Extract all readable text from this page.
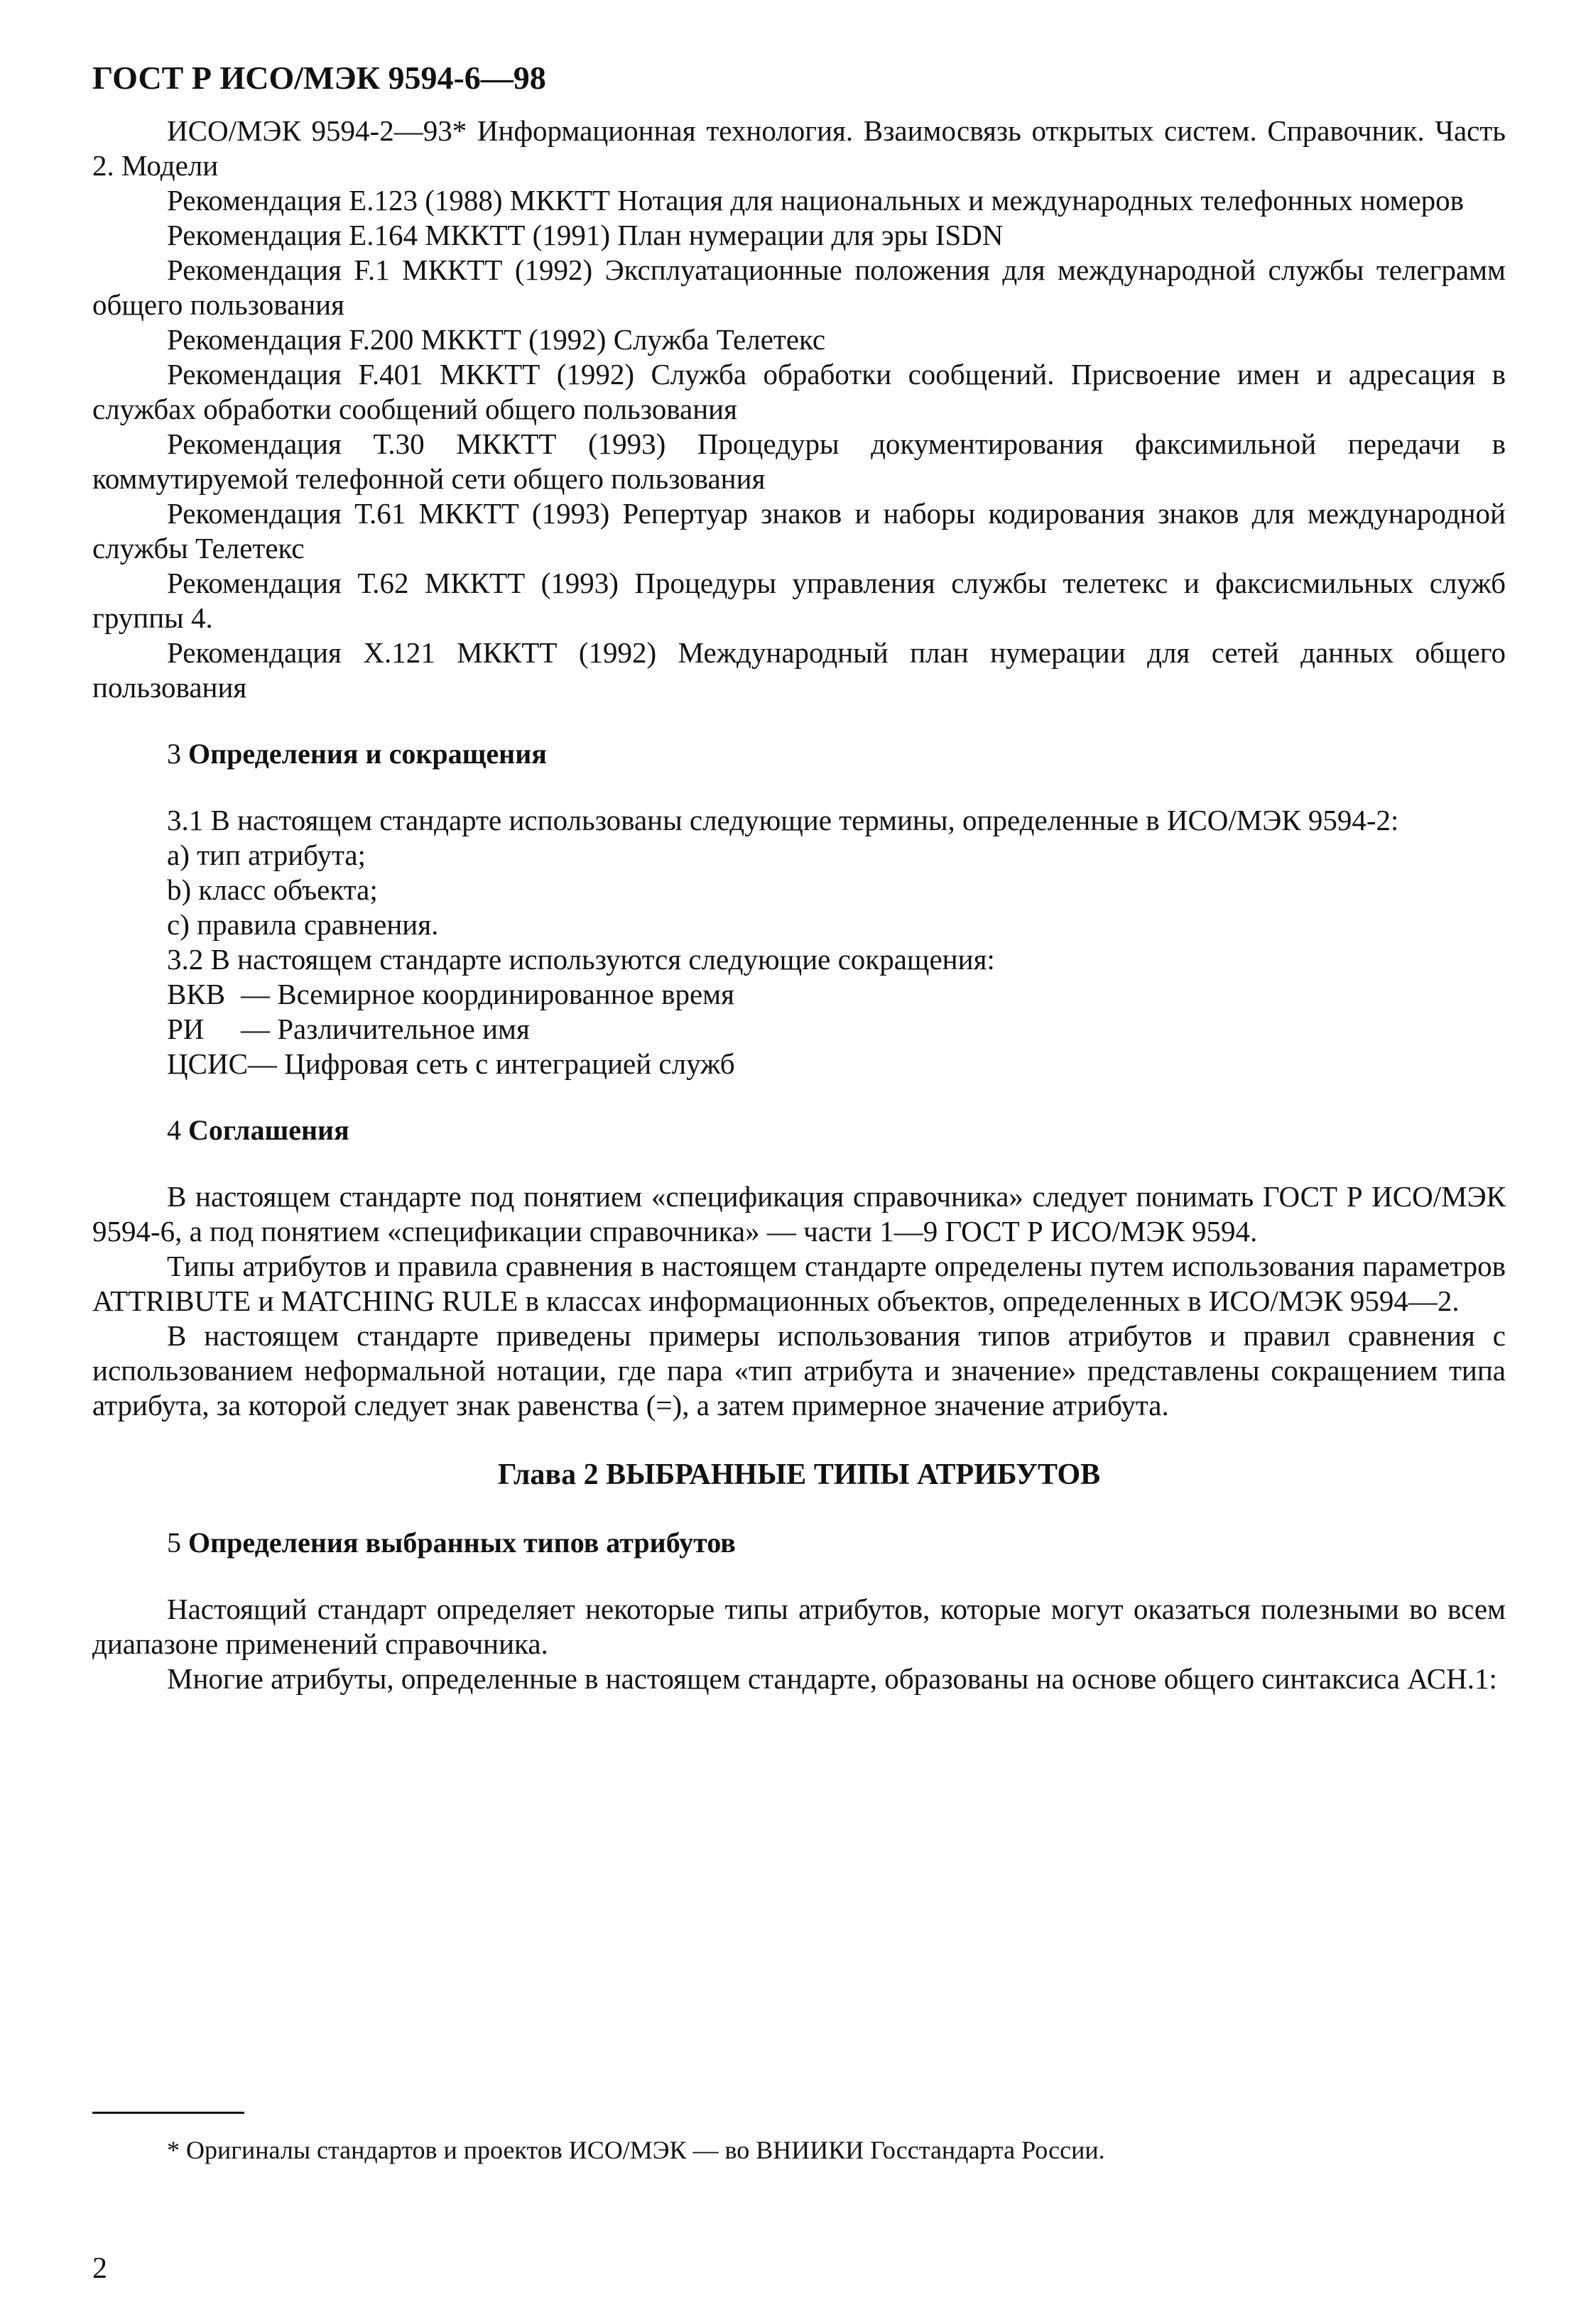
ГОСТ Р ИСО/МЭК 9594-6—98

ИСО/МЭК 9594-2—93* Информационная технология. Взаимосвязь открытых систем. Справочник. Часть 2. Модели

Рекомендация Е.123 (1988) МККТТ Нотация для национальных и международных телефонных номеров

Рекомендация Е.164 МККТТ (1991) План нумерации для эры ISDN

Рекомендация F.1 МККТТ (1992) Эксплуатационные положения для международной службы телеграмм общего пользования

Рекомендация F.200 МККТТ (1992) Служба Телетекс

Рекомендация F.401 МККТТ (1992) Служба обработки сообщений. Присвоение имен и адресация в службах обработки сообщений общего пользования

Рекомендация Т.30 МККТТ (1993) Процедуры документирования факсимильной передачи в коммутируемой телефонной сети общего пользования

Рекомендация Т.61 МККТТ (1993) Репертуар знаков и наборы кодирования знаков для международной службы Телетекс

Рекомендация Т.62 МККТТ (1993) Процедуры управления службы телетекс и факсисмильных служб группы 4.

Рекомендация Х.121 МККТТ (1992) Международный план нумерации для сетей данных общего пользования

3 Определения и сокращения

3.1 В настоящем стандарте использованы следующие термины, определенные в ИСО/МЭК 9594-2:

а) тип атрибута;
b) класс объекта;
с) правила сравнения.
3.2 В настоящем стандарте используются следующие сокращения:
ВКВ — Всемирное координированное время
РИ	— Различительное имя
ЦСИС — Цифровая сеть с интеграцией служб
4 Соглашения

В настоящем стандарте под понятием «спецификация справочника» следует понимать ГОСТ Р ИСО/МЭК 9594-6, а под понятием «спецификации справочника» — части 1—9 ГОСТ Р ИСО/МЭК 9594.

Типы атрибутов и правила сравнения в настоящем стандарте определены путем использования параметров ATTRIBUTE и MATCHING RULE в классах информационных объектов, определенных в ИСО/МЭК 9594—2.

В настоящем стандарте приведены примеры использования типов атрибутов и правил сравнения с использованием неформальной нотации, где пара «тип атрибута и значение» представлены сокращением типа атрибута, за которой следует знак равенства (=), а затем примерное значение атрибута.

Глава 2 ВЫБРАННЫЕ ТИПЫ АТРИБУТОВ
5 Определения выбранных типов атрибутов

Настоящий стандарт определяет некоторые типы атрибутов, которые могут оказаться полезными во всем диапазоне применений справочника.

Многие атрибуты, определенные в настоящем стандарте, образованы на основе общего синтаксиса АСН.1:

* Оригиналы стандартов и проектов ИСО/МЭК — во ВНИИКИ Госстандарта России.
2
